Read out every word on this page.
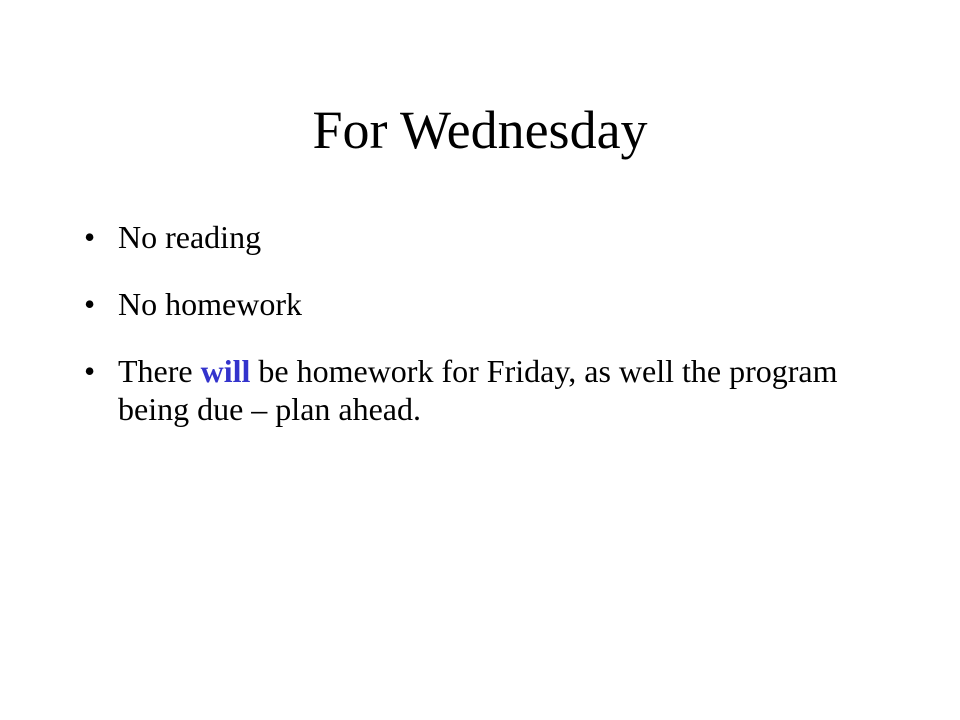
For Wednesday
• No reading
• No homework
• There will be homework for Friday, as well the program being due – plan ahead.
